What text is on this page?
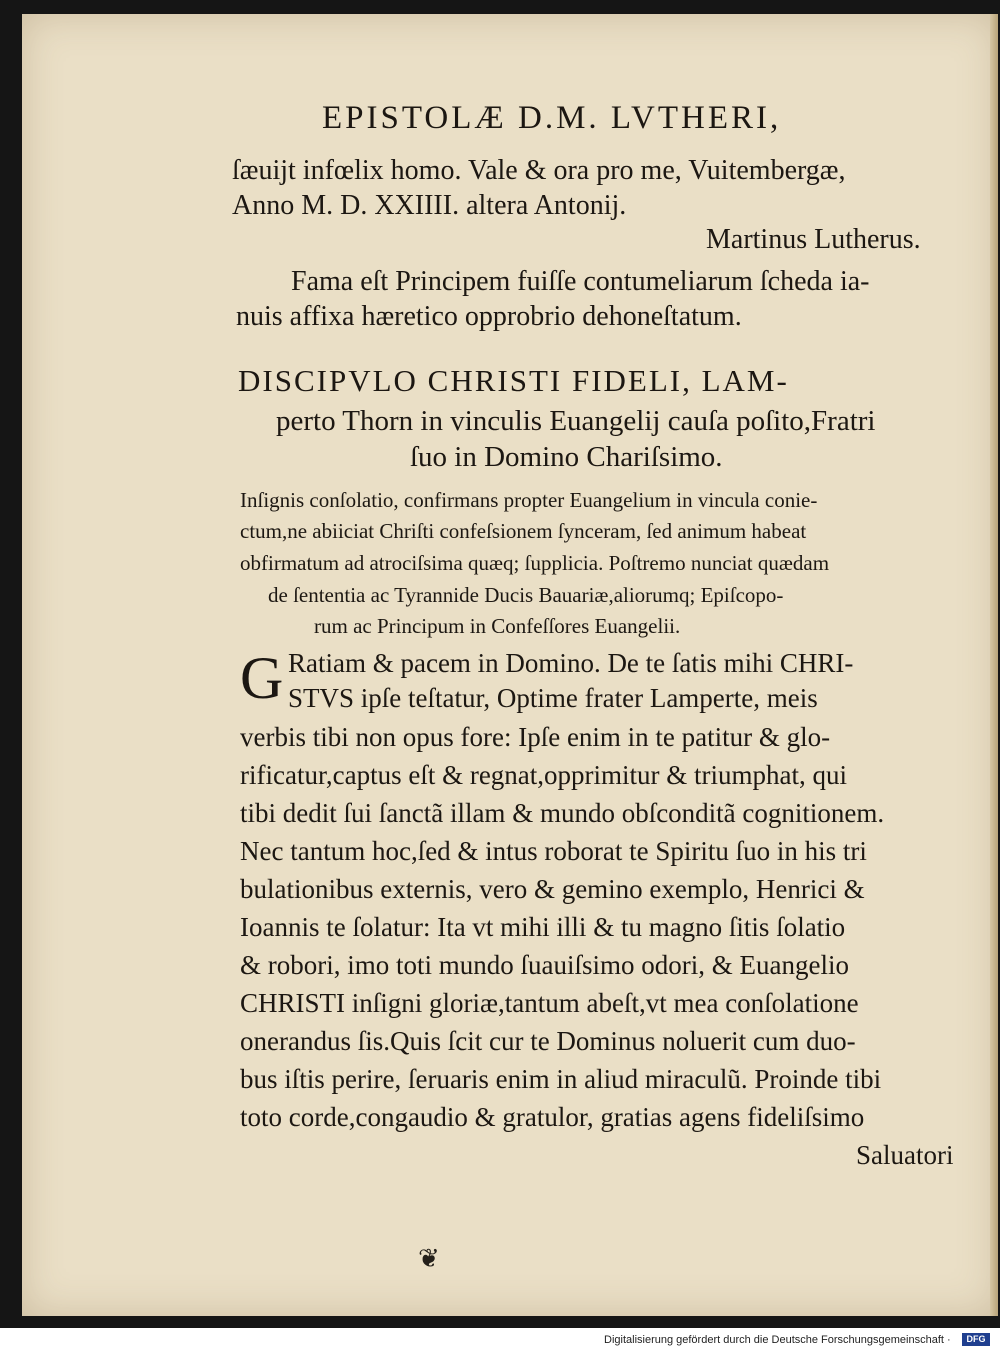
EPISTOLÆ D.M. LVTHERI,
ſæuijt infœlix homo. Vale & ora pro me, Vuitembergæ,
Anno M. D. XXIIII. altera Antonij.
Martinus Lutherus.
Fama eſt Principem fuiſſe contumeliarum ſcheda ia-
nuis affixa hæretico opprobrio dehoneſtatum.
DISCIPVLO CHRISTI FIDELI, LAM-
perto Thorn in vinculis Euangelij cauſa poſito,Fratri
ſuo in Domino Chariſsimo.
Inſignis conſolatio, confirmans propter Euangelium in vincula conie-
ctum,ne abiiciat Chriſti confeſsionem ſynceram, ſed animum habeat
obfirmatum ad atrociſsima quæq; ſupplicia. Poſtremo nunciat quædam
de ſententia ac Tyrannide Ducis Bauariæ,aliorumq; Epiſcopo-
rum ac Principum in Confeſſores Euangelii.
G Ratiam & pacem in Domino. De te ſatis mihi CHRI-
STVS ipſe teſtatur, Optime frater Lamperte, meis
verbis tibi non opus fore: Ipſe enim in te patitur & glo-
rificatur,captus eſt & regnat,opprimitur & triumphat, qui
tibi dedit ſui ſanctã illam & mundo obſconditã cognitionem.
Nec tantum hoc,ſed & intus roborat te Spiritu ſuo in his tri
bulationibus externis, vero & gemino exemplo, Henrici &
Ioannis te ſolatur: Ita vt mihi illi & tu magno ſitis ſolatio
& robori, imo toti mundo ſuauiſsimo odori, & Euangelio
CHRISTI inſigni gloriæ,tantum abeſt,vt mea conſolatione
onerandus ſis.Quis ſcit cur te Dominus noluerit cum duo-
bus iſtis perire, ſeruaris enim in aliud miraculũ. Proinde tibi
toto corde,congaudio & gratulor, gratias agens fideliſsimo
Saluatori
❦
Digitalisierung gefördert durch die Deutsche Forschungsgemeinschaft ·	DFG
